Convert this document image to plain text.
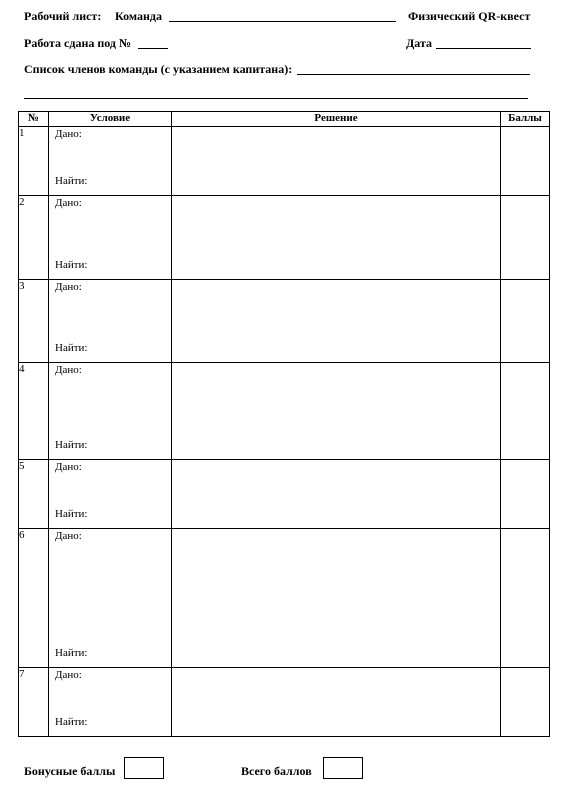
Рабочий лист: Команда	Физический QR-квест
Работа сдана под №	Дата
Список членов команды (с указанием капитана):
№	Условие	Решение	Баллы
1	Дано:
Найти:		

2	Дано:
Найти:		

3	Дано:
Найти:		

4	Дано:
Найти:		

5	Дано:
Найти:		

6	Дано:
Найти:		

7	Дано:
Найти:		

Бонусные баллы	Всего баллов
